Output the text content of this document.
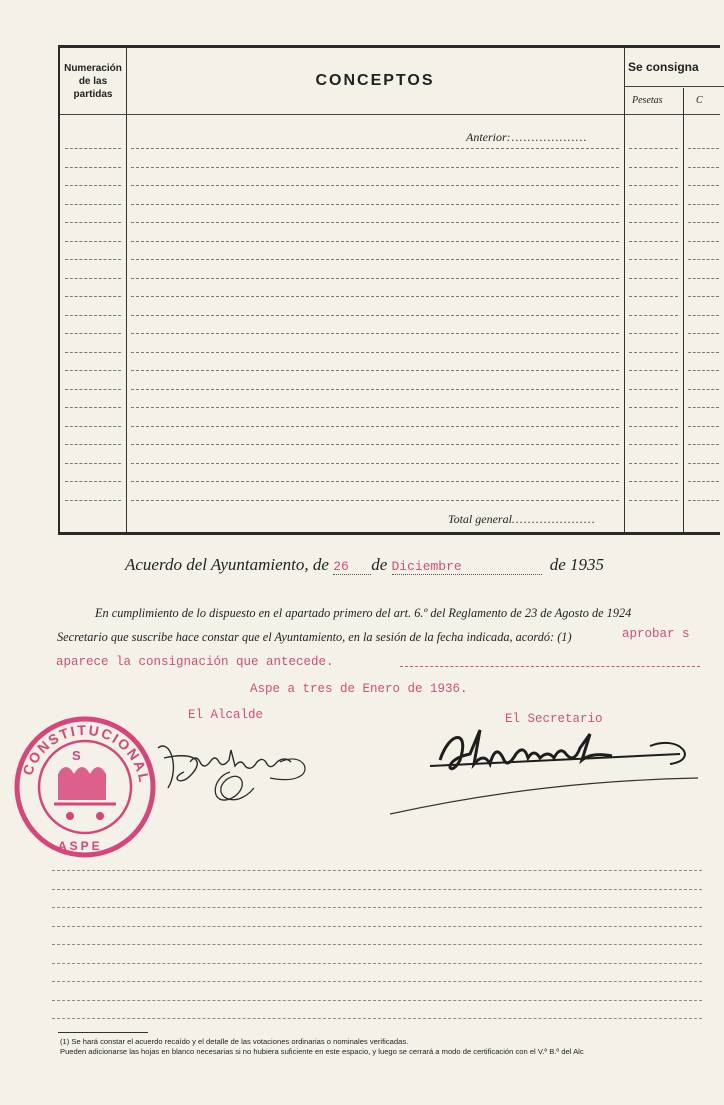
Numeración de las partidas
CONCEPTOS
Se consigna
Pesetas	C
Anterior:...................
Total general.....................
Acuerdo del Ayuntamiento, de 26 de Diciembre	de 1935
En cumplimiento de lo dispuesto en el apartado primero del art. 6.º del Reglamento de 23 de Agosto de 1924
Secretario que suscribe hace constar que el Ayuntamiento, en la sesión de la fecha indicada, acordó: (1)	aprobar s
aparece la consignación que antecede.
Aspe a tres de Enero de 1936.
El Alcalde	El Secretario
CONSTITUCIONAL
S
ASPE
(1) Se hará constar el acuerdo recaído y el detalle de las votaciones ordinarias o nominales verificadas.
Pueden adicionarse las hojas en blanco necesarias si no hubiera suficiente en este espacio, y luego se cerrará a modo de certificación con el V.º B.º del Alc
